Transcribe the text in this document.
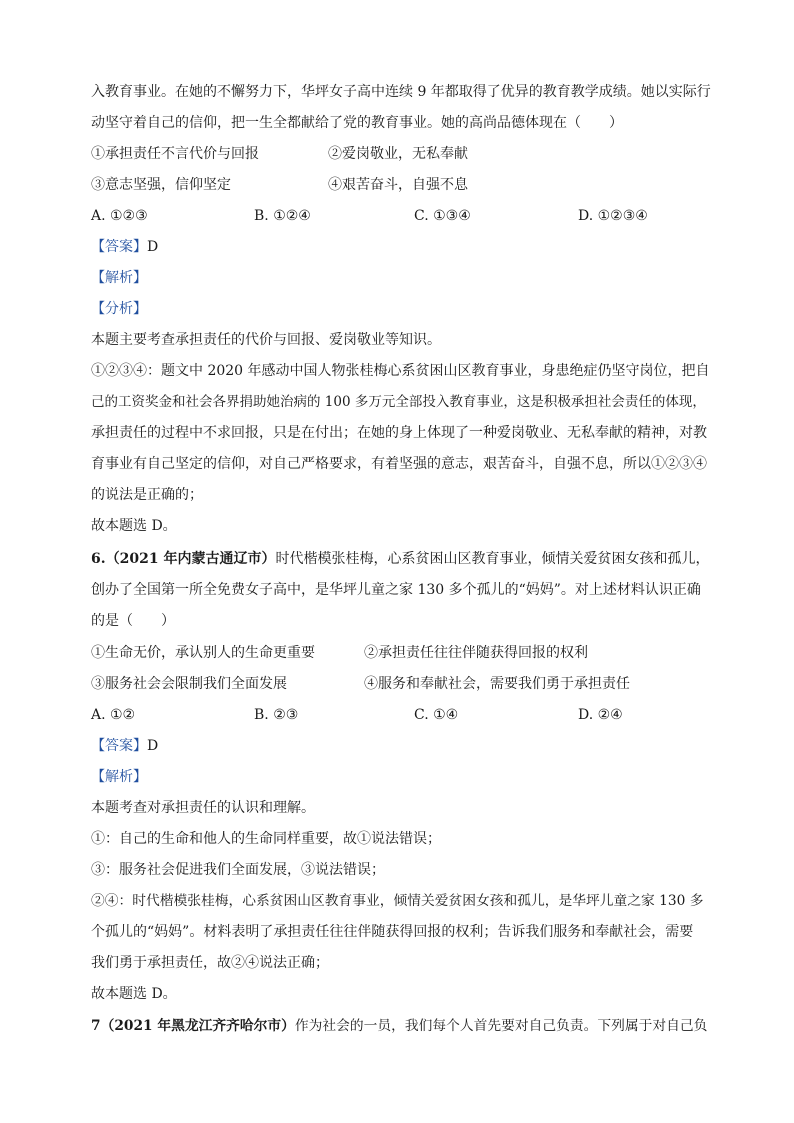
入教育事业。在她的不懈努力下，华坪女子高中连续 9 年都取得了优异的教育教学成绩。她以实际行
动坚守着自己的信仰，把一生全都献给了党的教育事业。她的高尚品德体现在（　　）
①承担责任不言代价与回报	②爱岗敬业，无私奉献
③意志坚强，信仰坚定	④艰苦奋斗，自强不息
A. ①②③	B. ①②④	C. ①③④	D. ①②③④
【答案】D
【解析】
【分析】
本题主要考查承担责任的代价与回报、爱岗敬业等知识。
①②③④：题文中 2020 年感动中国人物张桂梅心系贫困山区教育事业，身患绝症仍坚守岗位，把自
己的工资奖金和社会各界捐助她治病的 100 多万元全部投入教育事业，这是积极承担社会责任的体现，
承担责任的过程中不求回报，只是在付出；在她的身上体现了一种爱岗敬业、无私奉献的精神，对教
育事业有自己坚定的信仰，对自己严格要求，有着坚强的意志，艰苦奋斗，自强不息，所以①②③④
的说法是正确的；
故本题选 D。
6.（2021 年内蒙古通辽市）时代楷模张桂梅，心系贫困山区教育事业，倾情关爱贫困女孩和孤儿，
创办了全国第一所全免费女子高中，是华坪儿童之家 130 多个孤儿的“妈妈”。对上述材料认识正确
的是（　　）
①生命无价，承认别人的生命更重要	②承担责任往往伴随获得回报的权利
③服务社会会限制我们全面发展	④服务和奉献社会，需要我们勇于承担责任
A. ①②	B. ②③	C. ①④	D. ②④
【答案】D
【解析】
本题考查对承担责任的认识和理解。
①：自己的生命和他人的生命同样重要，故①说法错误；
③：服务社会促进我们全面发展，③说法错误；
②④：时代楷模张桂梅，心系贫困山区教育事业，倾情关爱贫困女孩和孤儿，是华坪儿童之家 130 多
个孤儿的“妈妈”。材料表明了承担责任往往伴随获得回报的权利；告诉我们服务和奉献社会，需要
我们勇于承担责任，故②④说法正确；
故本题选 D。
7（2021 年黑龙江齐齐哈尔市）作为社会的一员，我们每个人首先要对自己负责。下列属于对自己负
